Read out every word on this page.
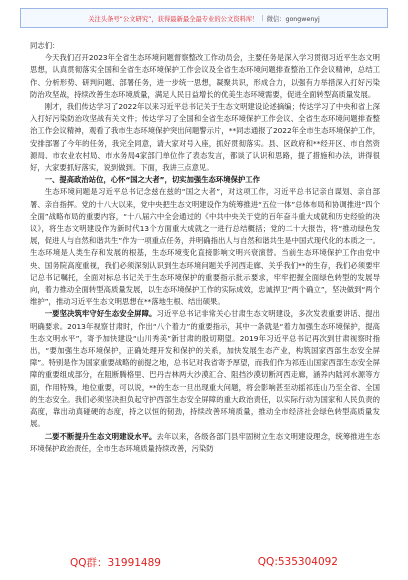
关注头条号“公文研究”，获得最新最全最专业的公文资料库！ | 微信：gongwenyj

同志们：

今天我们召开2023年全省生态环境问题督察整改工作动员会，主要任务是深入学习贯彻习近平生态文明思想，认真贯彻落实全国和全省生态环境保护工作会议及全省生态环境问题排查整治工作会议精神，总结工作、分析形势、研判问题、部署任务，进一步统一思想，凝聚共识，形成合力，以强有力举措深入打好污染防治攻坚战，持续改善生态环境质量，满足人民日益增长的优美生态环境需要，促进全面转型高质量发展。

刚才，我们传达学习了2022年以来习近平总书记关于生态文明建设论述摘编；传达学习了中央和省上深入打好污染防治攻坚战有关文件；传达学习了全国和全省生态环境保护工作会议、全省生态环境问题排查整治工作会议精神，观看了我市生态环境保护突出问题警示片，**同志通报了2022年全市生态环境保护工作，安排部署了今年的任务，我完全同意，请大家对号入座，抓好贯彻落实。县、区政府和**经开区、市自然资源局、市农业农村局、市水务局4家部门单位作了表态发言，都谈了认识和思路，提了措施和办法，讲得很好，大家要抓好落实，说到做到。下面，我讲三点意见。

一、提高政治站位，心怀“国之大者”，切实加强生态环境保护工作

生态环境问题是习近平总书记念兹在兹的“国之大者”，对这项工作，习近平总书记亲自谋划、亲自部署、亲自指挥。党的十八大以来，党中央把生态文明建设作为统筹推进“五位一体”总体布局和协调推进“四个全面”战略布局的重要内容，“十八届六中全会通过的《中共中央关于党的百年奋斗重大成就和历史经验的决议》，将生态文明建设作为新时代13个方面重大成就之一进行总结概括；党的二十大报告，将“推动绿色发展，促进人与自然和谐共生”作为一项重点任务，并明确指出人与自然和谐共生是中国式现代化的本质之一。生态环境是人类生存和发展的根基，生态环境变化直接影响文明兴衰演替。当前生态环境保护工作由党中央、国务院高度重视，我们必须深刻认识到生态环境问题关乎河西走廊、关乎我们**的生存，我们必须要牢记总书记嘱托，全面对标总书记关于生态环境保护的重要指示批示要求，牢牢把握全面绿色转型的发展导向，着力推动全面转型高质量发展，以生态环境保护工作的实际成效，忠诚捍卫“两个确立”，坚决做到“两个维护”，推动习近平生态文明思想在**落地生根、结出硕果。

一要坚决筑牢守好生态安全屏障。习近平总书记非常关心甘肃生态文明建设，多次发表重要讲话、提出明确要求。2013年视察甘肃时，作出“八个着力”的重要指示，其中一条就是“着力加强生态环境保护，提高生态文明水平”，寄予加快建设“山川秀美”新甘肃的殷切期望。2019年习近平总书记再次到甘肃视察时指出，“要加强生态环境保护，正确处理开发和保护的关系，加快发展生态产业，构筑国家西部生态安全屏障”。特别是作为国家重要战略的前提之地，总书记对我省寄予厚望，而我们作为祁连山国家西部生态安全屏障的重要组成部分，在阻断腾格里、巴丹吉林两大沙漠汇合、阻挡沙漠切断河西走廊，涵养内陆河水源等方面，作用特殊，地位重要，可以说，**的生态一旦出现重大问题，将会影响甚至动摇祁连山乃至全省、全国的生态安全。我们必须坚决担负起守护西部生态安全屏障的重大政治责任，以实际行动为国家和人民负责的高度，靠出动真碰硬的态度，持之以恒的韧劲，持续改善环境质量，推动全市经济社会绿色转型高质量发展。

二要不断提升生态文明建设水平。去年以来，各级各部门县牢固树立生态文明建设理念，统筹推进生态环境保护政治责任，全市生态环境质量持续改善，污染防

QQ群：31991489	QQ:535304092
